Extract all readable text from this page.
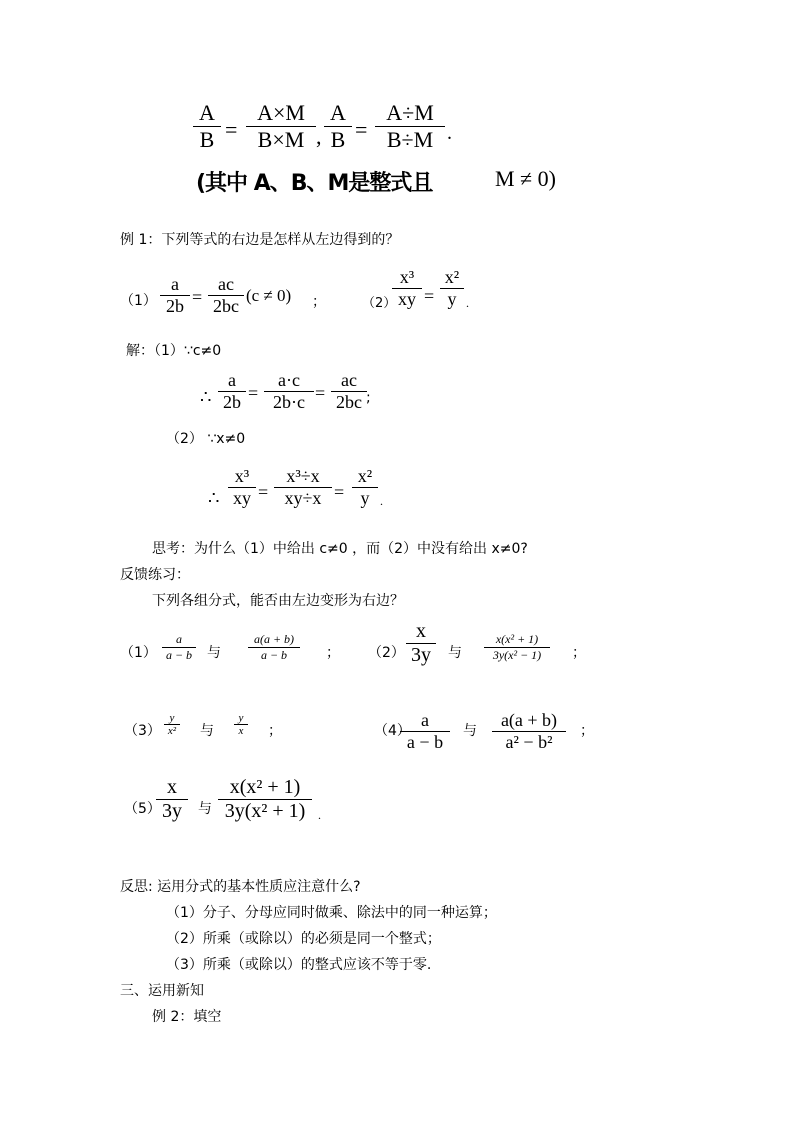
$\frac{A}{B} = \frac{A\times M}{B\times M}$ , $\frac{A}{B} = \frac{A\div M}{B\div M}$ .
(其中 A、B、M是整式且	M ≠ 0)
例 1：下列等式的右边是怎样从左边得到的？
$(1) \frac{a}{2b} = \frac{ac}{2bc} (c \ne 0)$ ；	（2）
$\frac{\text{x³}}{xy} = \frac{\text{x²}}{y}$ .
解：（1）∵c≠0
∴ $\frac{a}{2b} = \frac{a\cdot c}{2b\cdot c} = \frac{ac}{2bc}$ ;
（2） ∵x≠0
∴ $\frac{\text{x³}}{xy} = \frac{\text{x³÷x}}{xy\div x} = \frac{\text{x²}}{y}$ .
思考：为什么（1）中给出 c≠0 ，而（2）中没有给出 x≠0?
反馈练习：
下列各组分式，能否由左边变形为右边？
$(1) \frac{a}{a - b}$ 与 $\frac{a(a + b)}{a - b}$ ； $(2) \frac{x}{3y}$ 与 $\frac{\text{x(x² + 1)}}{\text{3y(x² − 1)}}$ ；
$(3) \frac{y}{\text{x²}}$ 与 $\frac{y}{x}$ ；	（4）
$\frac{a}{a - b}$ 与 $\frac{a(a + b)}{\text{a² − b²}}$ ；
（5）
$\frac{x}{3y}$ 与 $\frac{\text{x(x² + 1)}}{\text{3y(x² + 1)}}$ .
反思: 运用分式的基本性质应注意什么?
（1）分子、分母应同时做乘、除法中的同一种运算；
（2）所乘（或除以）的必须是同一个整式；
（3）所乘（或除以）的整式应该不等于零.
三、运用新知
例 2：填空
